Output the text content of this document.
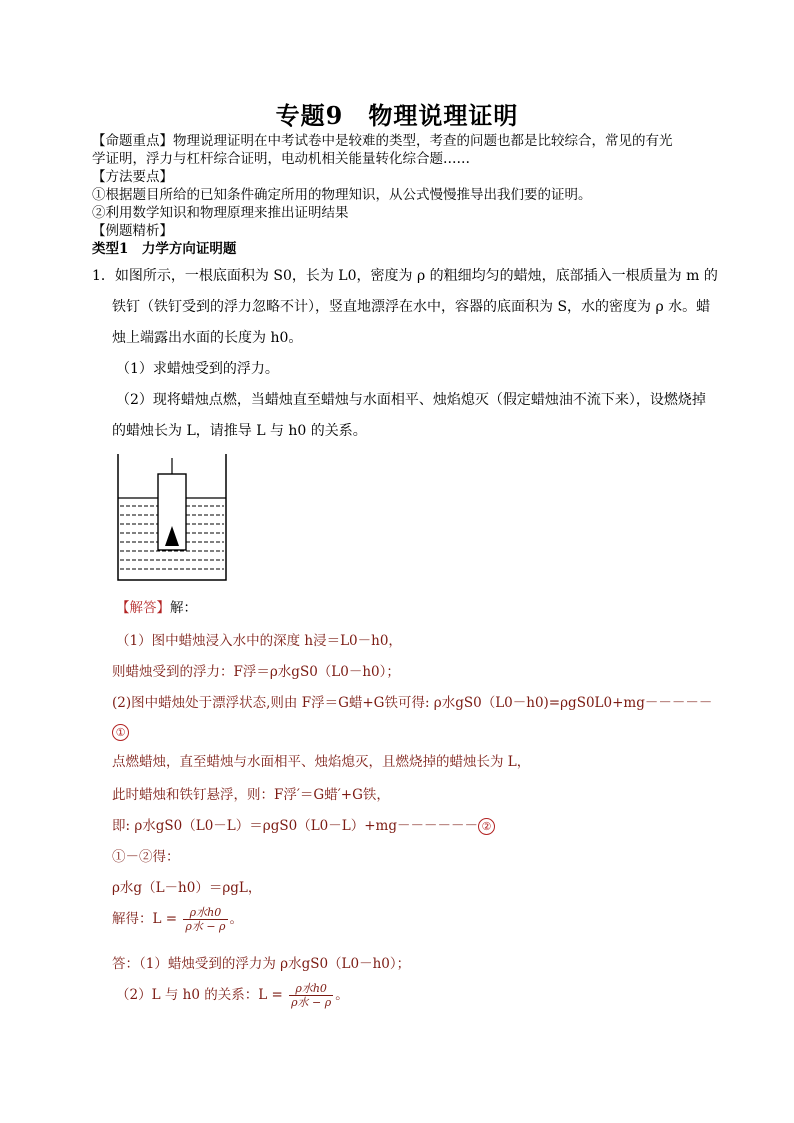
专题9　物理说理证明
【命题重点】物理说理证明在中考试卷中是较难的类型，考查的问题也都是比较综合，常见的有光
学证明，浮力与杠杆综合证明，电动机相关能量转化综合题……
【方法要点】
①根据题目所给的已知条件确定所用的物理知识，从公式慢慢推导出我们要的证明。
②利用数学知识和物理原理来推出证明结果
【例题精析】
类型1　力学方向证明题
1．如图所示，一根底面积为 S0，长为 L0，密度为 ρ 的粗细均匀的蜡烛，底部插入一根质量为 m 的
铁钉（铁钉受到的浮力忽略不计），竖直地漂浮在水中，容器的底面积为 S，水的密度为 ρ 水。蜡
烛上端露出水面的长度为 h0。
（1）求蜡烛受到的浮力。
（2）现将蜡烛点燃，当蜡烛直至蜡烛与水面相平、烛焰熄灭（假定蜡烛油不流下来），设燃烧掉
的蜡烛长为 L，请推导 L 与 h0 的关系。
【解答】解：
（1）图中蜡烛浸入水中的深度 h浸＝L0－h0，
则蜡烛受到的浮力：F浮＝ρ水gS0（L0－h0）；
(2)图中蜡烛处于漂浮状态,则由 F浮＝G蜡+G铁可得: ρ水gS0（L0－h0)=ρgS0L0+mg－－－－－
①
点燃蜡烛，直至蜡烛与水面相平、烛焰熄灭，且燃烧掉的蜡烛长为 L，
此时蜡烛和铁钉悬浮，则：F浮′＝G蜡′+G铁，
即: ρ水gS0（L0－L）＝ρgS0（L0－L）+mg－－－－－－ ②
①－②得：
ρ水g（L－h0）＝ρgL，
解得：$L = \frac{\text{ρ水h0}}{\text{ρ水 − ρ}}$ 。
答：（1）蜡烛受到的浮力为 ρ水gS0（L0－h0）；
（2）L 与 h0 的关系：$L = \frac{\text{ρ水h0}}{\text{ρ水 − ρ}}$ 。
